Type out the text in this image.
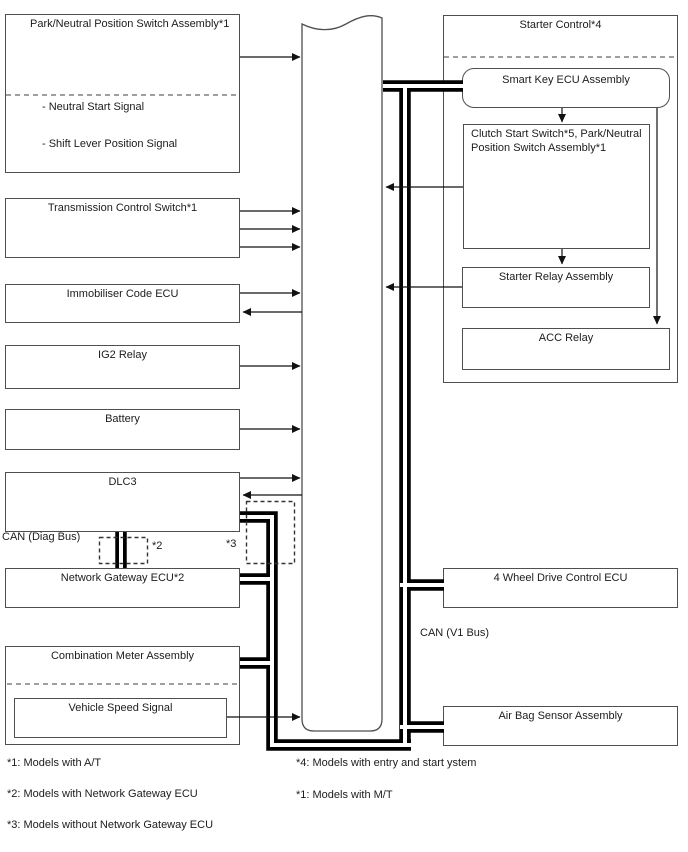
Park/Neutral Position Switch Assembly*1
- Neutral Start Signal
- Shift Lever Position Signal
Transmission Control Switch*1
Immobiliser Code ECU
IG2 Relay
Battery
DLC3
Network Gateway ECU*2
Combination Meter Assembly
Vehicle Speed Signal
Starter Control*4
Smart Key ECU Assembly
Clutch Start Switch*5, Park/Neutral Position Switch Assembly*1
Starter Relay Assembly
ACC Relay
4 Wheel Drive Control ECU
Air Bag Sensor Assembly
CAN (Diag Bus)
*2	*3
CAN (V1 Bus)
*1: Models with A/T
*2: Models with Network Gateway ECU
*3: Models without Network Gateway ECU
*4: Models with entry and start ystem
*1: Models with M/T
